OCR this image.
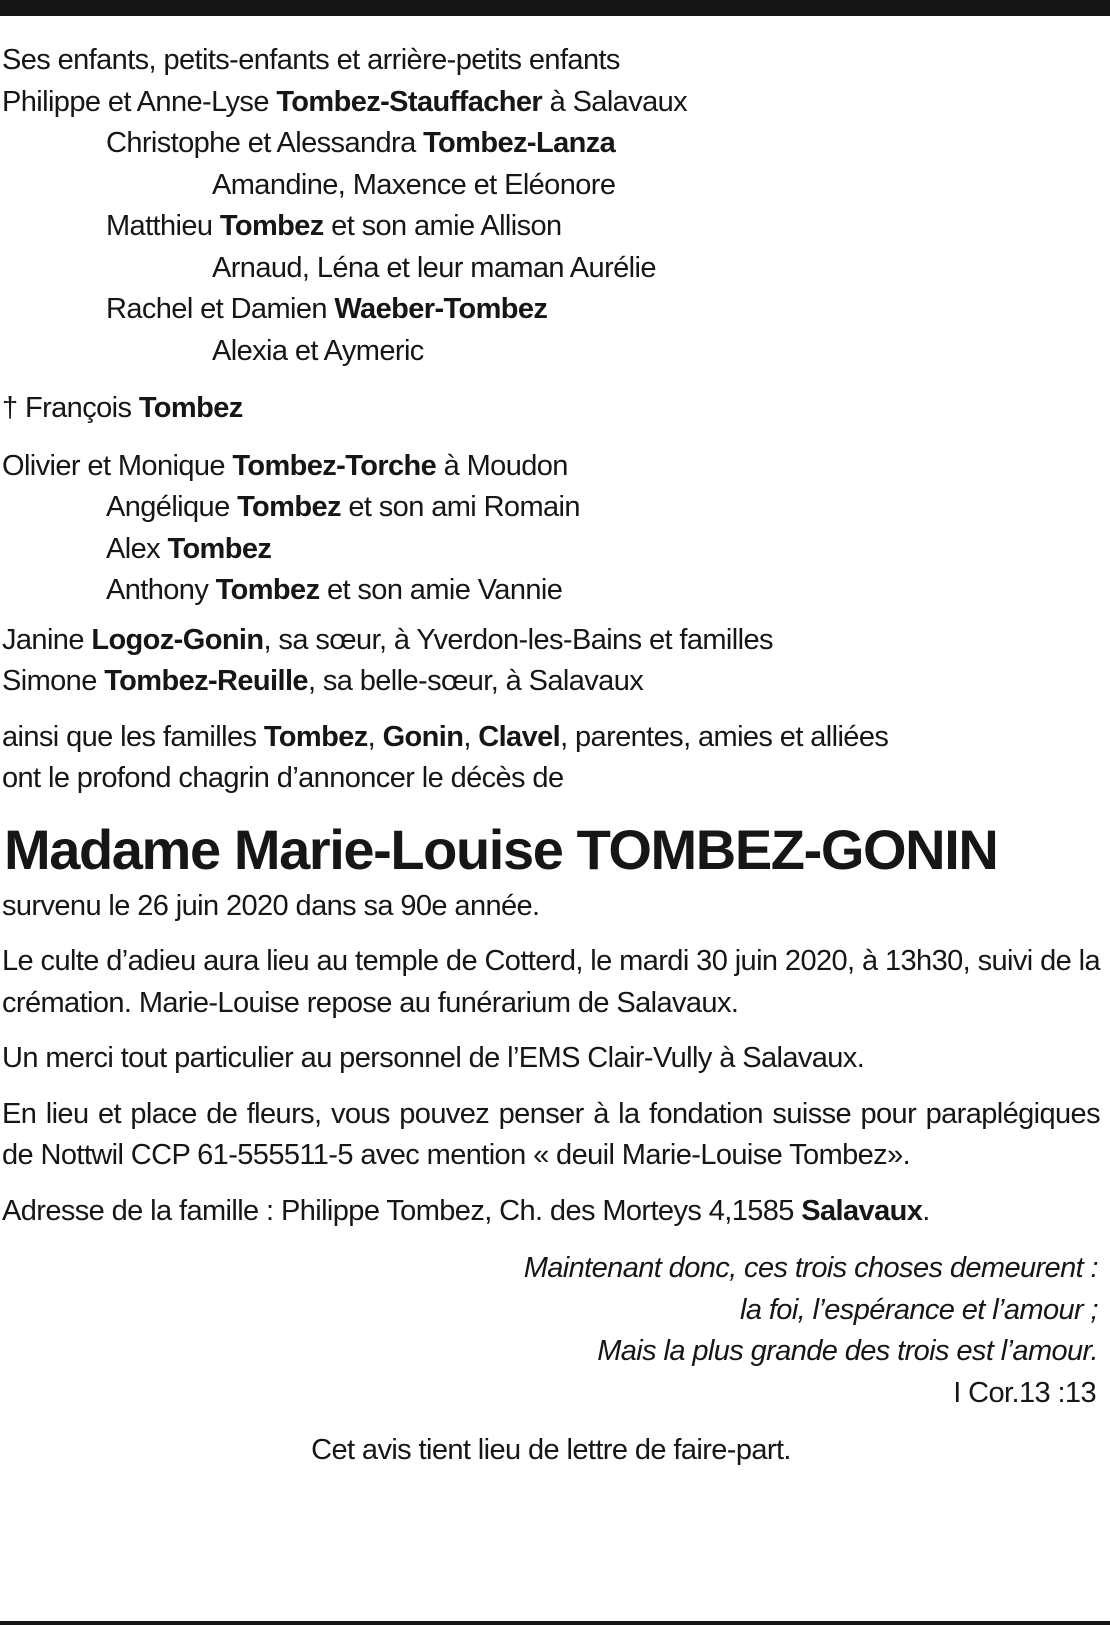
Ses enfants, petits-enfants et arrière-petits enfants
Philippe et Anne-Lyse Tombez-Stauffacher à Salavaux
Christophe et Alessandra Tombez-Lanza
Amandine, Maxence et Eléonore
Matthieu Tombez et son amie Allison
Arnaud, Léna et leur maman Aurélie
Rachel et Damien Waeber-Tombez
Alexia et Aymeric
† François Tombez
Olivier et Monique Tombez-Torche à Moudon
Angélique Tombez et son ami Romain
Alex Tombez
Anthony Tombez et son amie Vannie
Janine Logoz-Gonin, sa sœur, à Yverdon-les-Bains et familles
Simone Tombez-Reuille, sa belle-sœur, à Salavaux
ainsi que les familles Tombez, Gonin, Clavel, parentes, amies et alliées
ont le profond chagrin d’annoncer le décès de
Madame Marie-Louise TOMBEZ-GONIN
survenu le 26 juin 2020 dans sa 90e année.
Le culte d’adieu aura lieu au temple de Cotterd, le mardi 30 juin 2020, à 13h30, suivi de la crémation. Marie-Louise repose au funérarium de Salavaux.
Un merci tout particulier au personnel de l’EMS Clair-Vully à Salavaux.
En lieu et place de fleurs, vous pouvez penser à la fondation suisse pour paraplégiques de Nottwil CCP 61-555511-5 avec mention « deuil Marie-Louise Tombez».
Adresse de la famille : Philippe Tombez, Ch. des Morteys 4,1585 Salavaux.
Maintenant donc, ces trois choses demeurent :
la foi, l’espérance et l’amour ;
Mais la plus grande des trois est l’amour.
I Cor.13 :13
Cet avis tient lieu de lettre de faire-part.
